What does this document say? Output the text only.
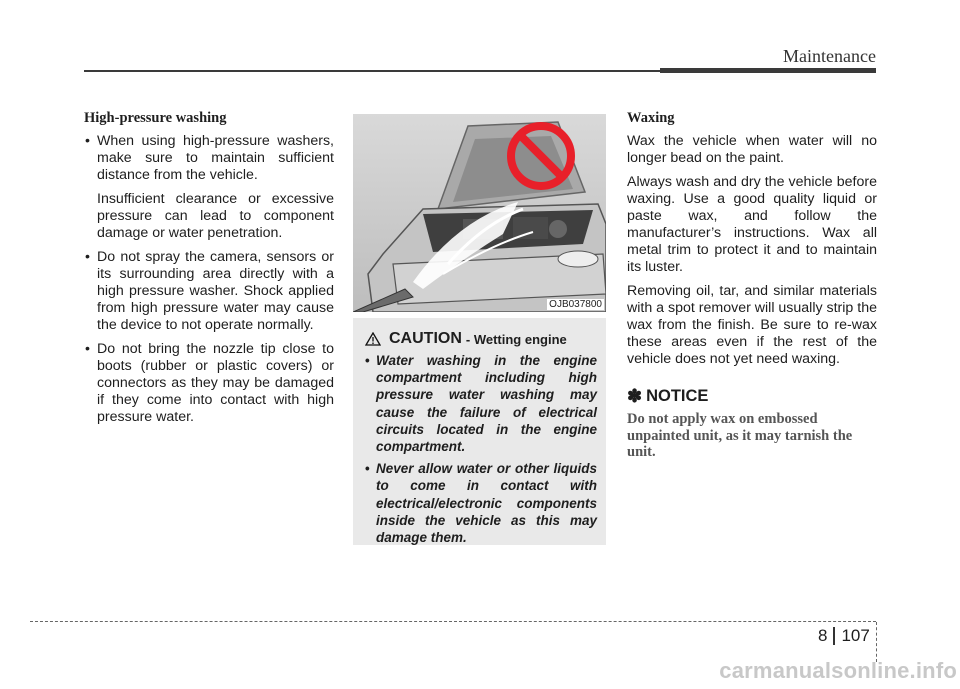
Maintenance
High-pressure washing
• When using high-pressure washers, make sure to maintain sufficient distance from the vehicle.
Insufficient clearance or excessive pressure can lead to component damage or water penetration.
• Do not spray the camera, sensors or its surrounding area directly with a high pressure washer. Shock applied from high pressure water may cause the device to not operate normally.
• Do not bring the nozzle tip close to boots (rubber or plastic covers) or connectors as they may be damaged if they come into contact with high pressure water.
OJB037800
CAUTION - Wetting engine
• Water washing in the engine compartment including high pressure water washing may cause the failure of electrical circuits located in the engine compartment.
• Never allow water or other liquids to come in contact with electrical/electronic components inside the vehicle as this may damage them.
Waxing
Wax the vehicle when water will no longer bead on the paint.
Always wash and dry the vehicle before waxing. Use a good quality liquid or paste wax, and follow the manufacturer’s instructions. Wax all metal trim to protect it and to maintain its luster.
Removing oil, tar, and similar materials with a spot remover will usually strip the wax from the finish. Be sure to re-wax these areas even if the rest of the vehicle does not yet need waxing.
✽ NOTICE

Do not apply wax on embossed unpainted unit, as it may tarnish the unit.

8 107
carmanualsonline.info
